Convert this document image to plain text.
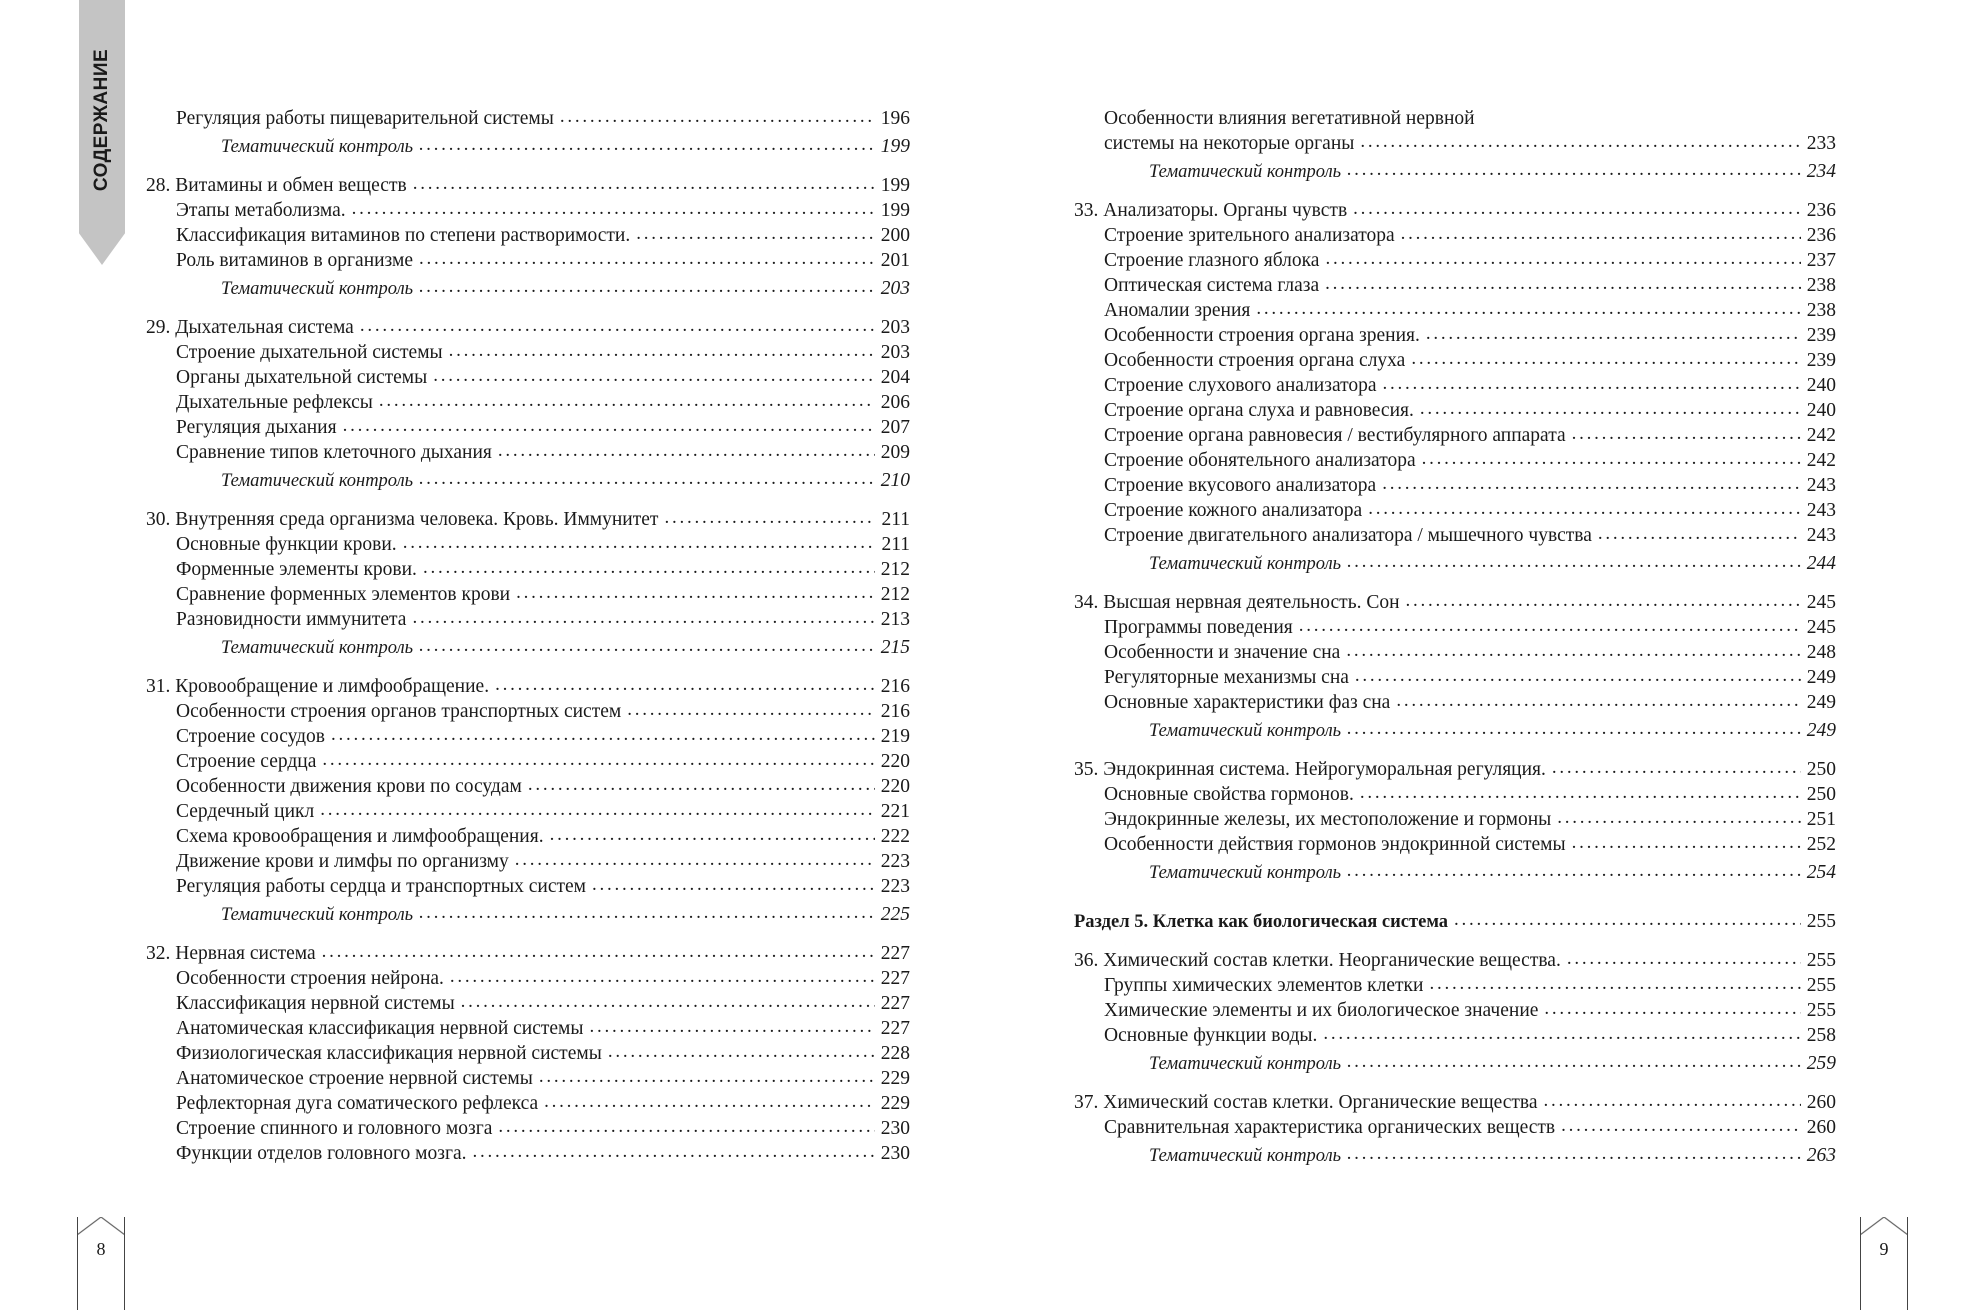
СОДЕРЖАНИЕ	Регуляция работы пищеварительной системы . . .	196
Тематический контроль . . .	199
28. Витамины и обмен веществ . . .	199
Этапы метаболизма. . . .	199
Классификация витаминов по степени растворимости. . . .	200
Роль витаминов в организме . . .	201
Тематический контроль . . .	203
29. Дыхательная система . . .	203
Строение дыхательной системы . . .	203
Органы дыхательной системы . . .	204
Дыхательные рефлексы . . .	206
Регуляция дыхания . . .	207
Сравнение типов клеточного дыхания . . .	209
Тематический контроль . . .	210
30. Внутренняя среда организма человека. Кровь. Иммунитет . . .	211
Основные функции крови. . . .	211
Форменные элементы крови. . . .	212
Сравнение форменных элементов крови . . .	212
Разновидности иммунитета . . .	213
Тематический контроль . . .	215
31. Кровообращение и лимфообращение. . . .	216
Особенности строения органов транспортных систем . . .	216
Строение сосудов . . .	219
Строение сердца . . .	220
Особенности движения крови по сосудам . . .	220
Сердечный цикл . . .	221
Схема кровообращения и лимфообращения. . . .	222
Движение крови и лимфы по организму . . .	223
Регуляция работы сердца и транспортных систем . . .	223
Тематический контроль . . .	225
32. Нервная система . . .	227
Особенности строения нейрона. . . .	227
Классификация нервной системы . . .	227
Анатомическая классификация нервной системы . . .	227
Физиологическая классификация нервной системы . . .	228
Анатомическое строение нервной системы . . .	229
Рефлекторная дуга соматического рефлекса . . .	229
Строение спинного и головного мозга . . .	230
Функции отделов головного мозга. . . .	230
Особенности влияния вегетативной нервной
системы на некоторые органы . . .	233
Тематический контроль . . .	234
33. Анализаторы. Органы чувств . . .	236
Строение зрительного анализатора . . .	236
Строение глазного яблока . . .	237
Оптическая система глаза . . .	238
Аномалии зрения . . .	238
Особенности строения органа зрения. . . .	239
Особенности строения органа слуха . . .	239
Строение слухового анализатора . . .	240
Строение органа слуха и равновесия. . . .	240
Строение органа равновесия / вестибулярного аппарата . . .	242
Строение обонятельного анализатора . . .	242
Строение вкусового анализатора . . .	243
Строение кожного анализатора . . .	243
Строение двигательного анализатора / мышечного чувства . . .	243
Тематический контроль . . .	244
34. Высшая нервная деятельность. Сон . . .	245
Программы поведения . . .	245
Особенности и значение сна . . .	248
Регуляторные механизмы сна . . .	249
Основные характеристики фаз сна . . .	249
Тематический контроль . . .	249
35. Эндокринная система. Нейрогуморальная регуляция. . . .	250
Основные свойства гормонов. . . .	250
Эндокринные железы, их местоположение и гормоны . . .	251
Особенности действия гормонов эндокринной системы . . .	252
Тематический контроль . . .	254
Раздел 5. Клетка как биологическая система . . .	255
36. Химический состав клетки. Неорганические вещества. . . .	255
Группы химических элементов клетки . . .	255
Химические элементы и их биологическое значение . . .	255
Основные функции воды. . . .	258
Тематический контроль . . .	259
37. Химический состав клетки. Органические вещества . . .	260
Сравнительная характеристика органических веществ . . .	260
Тематический контроль . . .	263
8	9
